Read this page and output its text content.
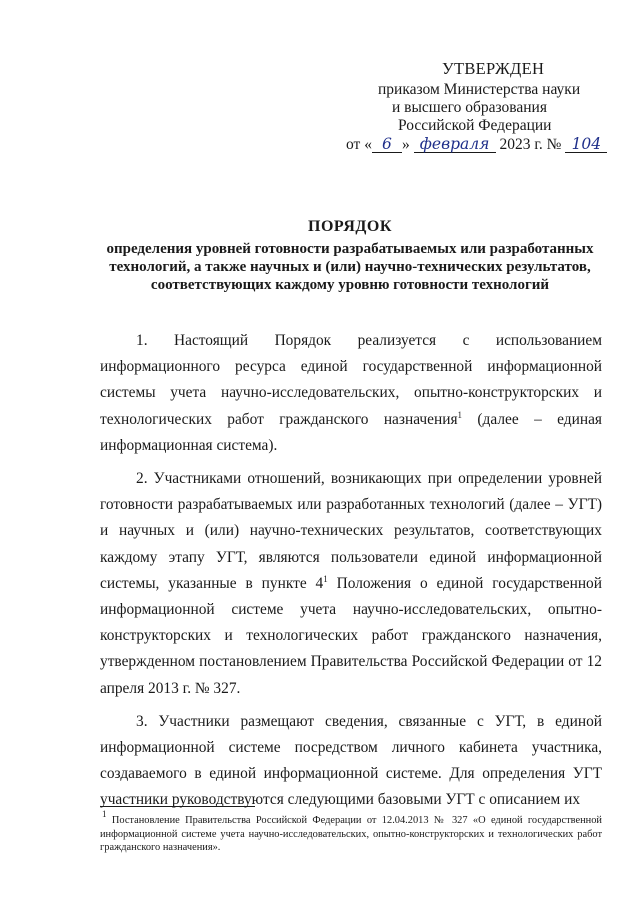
УТВЕРЖДЕН
приказом Министерства науки
и высшего образования
Российской Федерации
от « 6 » февраля 2023 г. № 104
ПОРЯДОК
определения уровней готовности разрабатываемых или разработанных технологий, а также научных и (или) научно-технических результатов, соответствующих каждому уровню готовности технологий

1. Настоящий Порядок реализуется с использованием информационного ресурса единой государственной информационной системы учета научно-исследовательских, опытно-конструкторских и технологических работ гражданского назначения$^1$ (далее – единая информационная система).

2. Участниками отношений, возникающих при определении уровней готовности разрабатываемых или разработанных технологий (далее – УГТ) и научных и (или) научно-технических результатов, соответствующих каждому этапу УГТ, являются пользователи единой информационной системы, указанные в пункте $4^1$ Положения о единой государственной информационной системе учета научно-исследовательских, опытно-конструкторских и технологических работ гражданского назначения, утвержденном постановлением Правительства Российской Федерации от 12 апреля 2013 г. № 327.

3. Участники размещают сведения, связанные с УГТ, в единой информационной системе посредством личного кабинета участника, создаваемого в единой информационной системе. Для определения УГТ участники руководствуются следующими базовыми УГТ с описанием их

$^1$ Постановление Правительства Российской Федерации от 12.04.2013 № 327 «О единой государственной информационной системе учета научно-исследовательских, опытно-конструкторских и технологических работ гражданского назначения».
